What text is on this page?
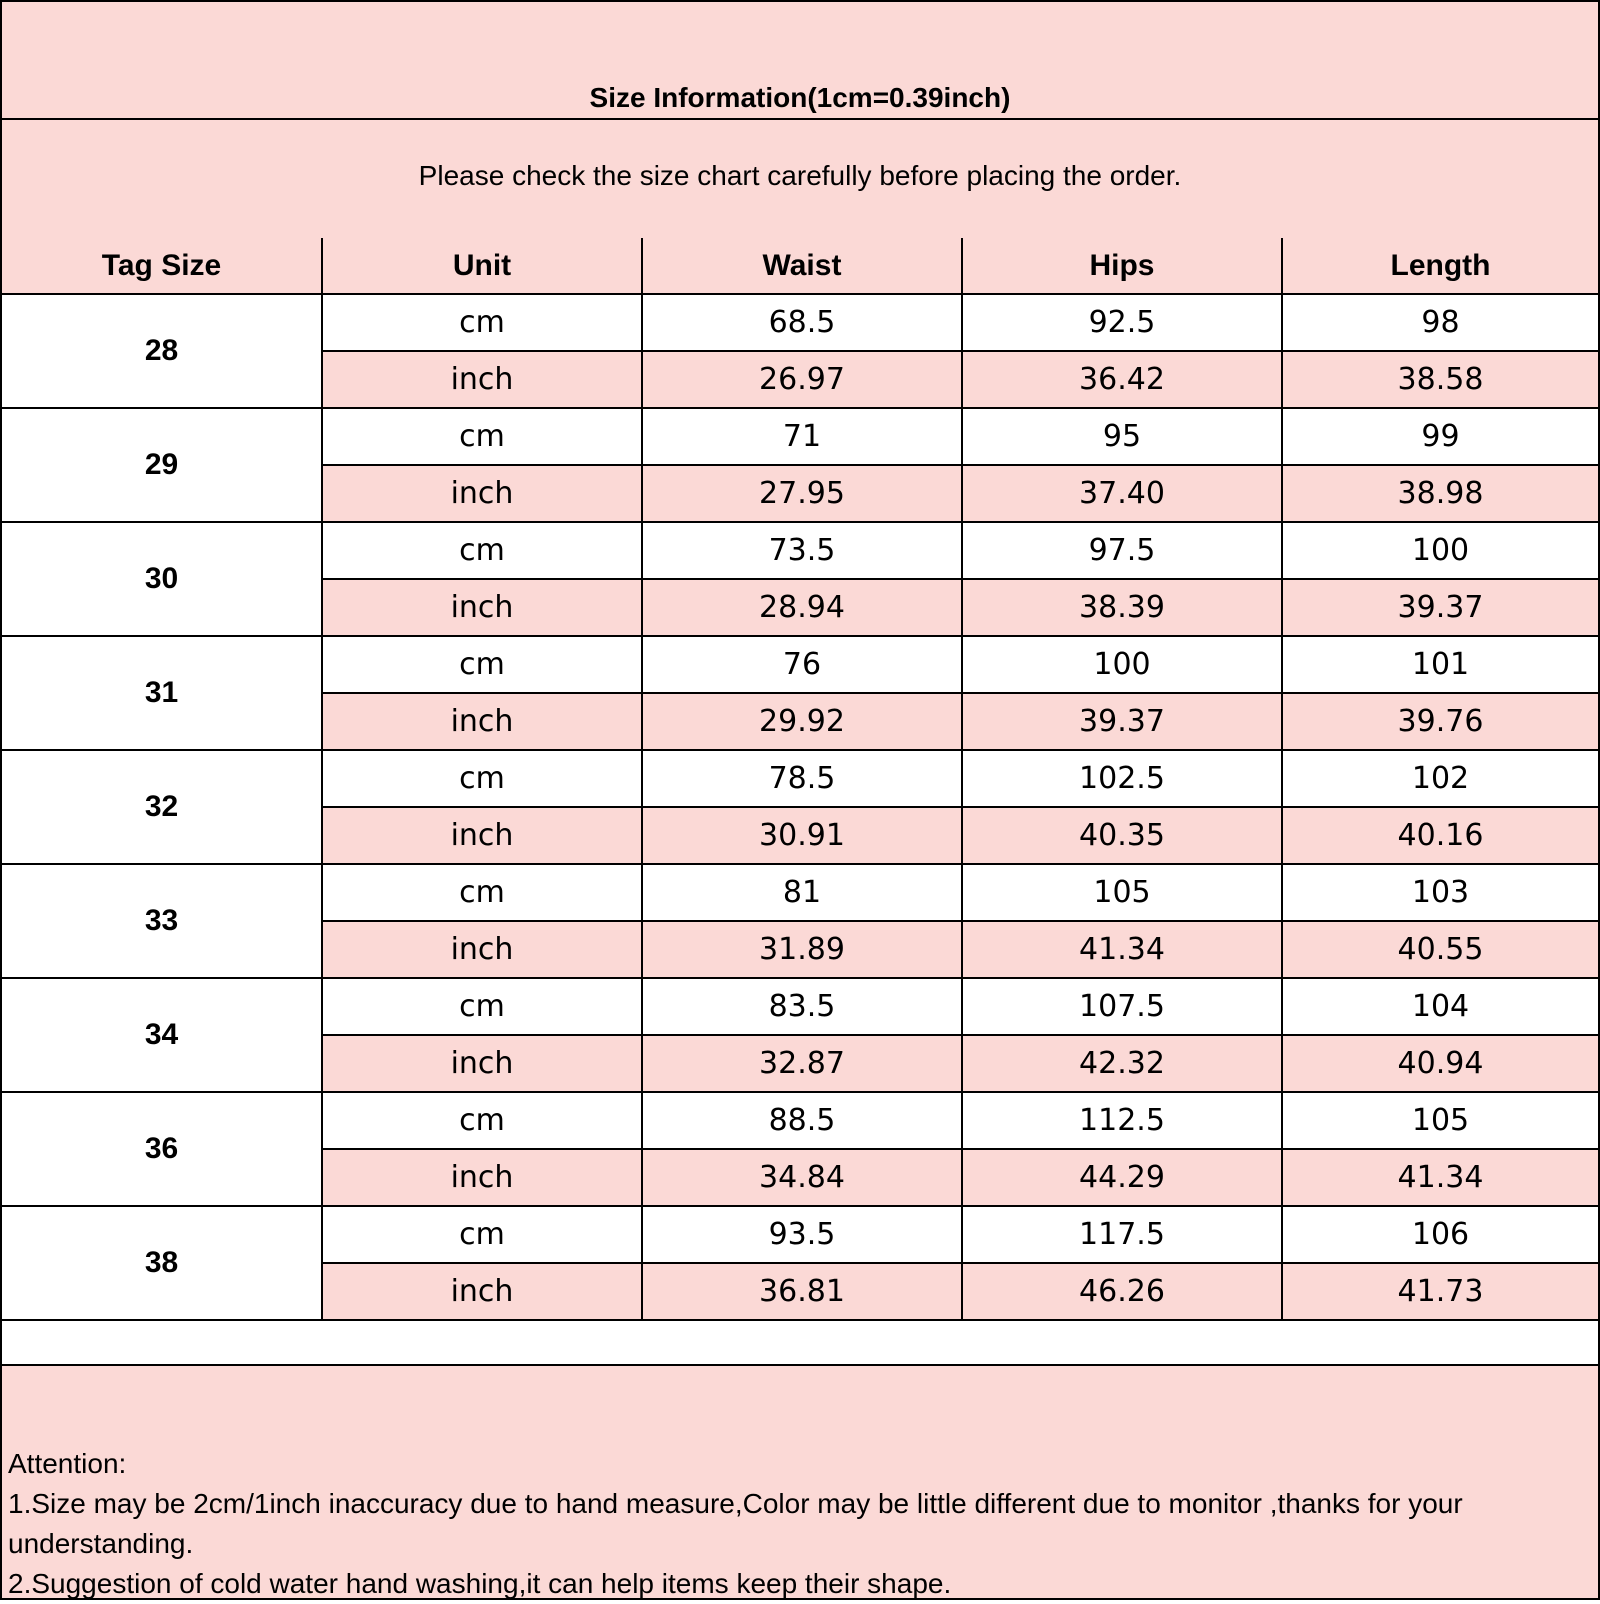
Size Information(1cm=0.39inch)
Please check the size chart carefully before placing the order.
Tag Size	Unit	Waist	Hips	Length
28	cm	68.5	92.5	98
	inch	26.97	36.42	38.58
29	cm	71	95	99
	inch	27.95	37.40	38.98
30	cm	73.5	97.5	100
	inch	28.94	38.39	39.37
31	cm	76	100	101
	inch	29.92	39.37	39.76
32	cm	78.5	102.5	102
	inch	30.91	40.35	40.16
33	cm	81	105	103
	inch	31.89	41.34	40.55
34	cm	83.5	107.5	104
	inch	32.87	42.32	40.94
36	cm	88.5	112.5	105
	inch	34.84	44.29	41.34
38	cm	93.5	117.5	106
	inch	36.81	46.26	41.73
Attention:
1.Size may be 2cm/1inch inaccuracy due to hand measure,Color may be little different due to monitor ,thanks for your understanding.
2.Suggestion of cold water hand washing,it can help items keep their shape.
